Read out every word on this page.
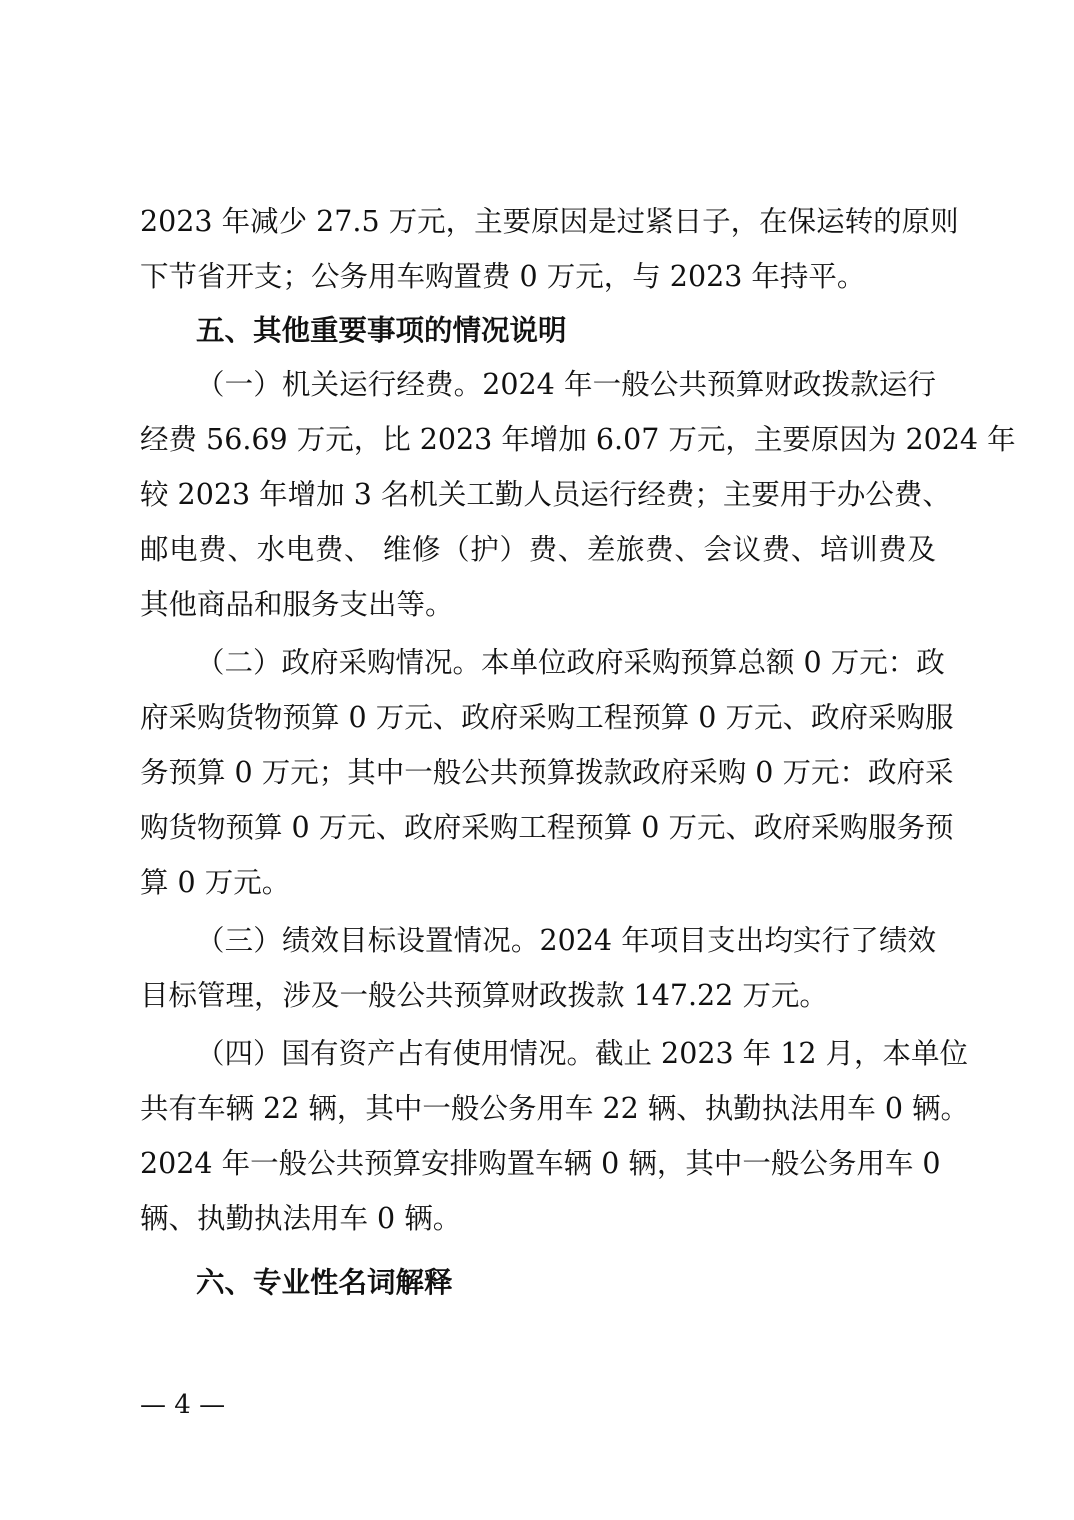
2023 年减少 27.5 万元，主要原因是过紧日子，在保运转的原则
下节省开支；公务用车购置费 0 万元，与 2023 年持平。
五、其他重要事项的情况说明
（一）机关运行经费。2024 年一般公共预算财政拨款运行
经费 56.69 万元，比 2023 年增加 6.07 万元，主要原因为 2024 年
较 2023 年增加 3 名机关工勤人员运行经费；主要用于办公费、
邮电费、水电费、 维修（护）费、差旅费、会议费、培训费及
其他商品和服务支出等。
（二）政府采购情况。本单位政府采购预算总额 0 万元：政
府采购货物预算 0 万元、政府采购工程预算 0 万元、政府采购服
务预算 0 万元；其中一般公共预算拨款政府采购 0 万元：政府采
购货物预算 0 万元、政府采购工程预算 0 万元、政府采购服务预
算 0 万元。
（三）绩效目标设置情况。2024 年项目支出均实行了绩效
目标管理，涉及一般公共预算财政拨款 147.22 万元。
（四）国有资产占有使用情况。截止 2023 年 12 月，本单位
共有车辆 22 辆，其中一般公务用车 22 辆、执勤执法用车 0 辆。
2024 年一般公共预算安排购置车辆 0 辆，其中一般公务用车 0
辆、执勤执法用车 0 辆。
六、专业性名词解释
— 4 —
